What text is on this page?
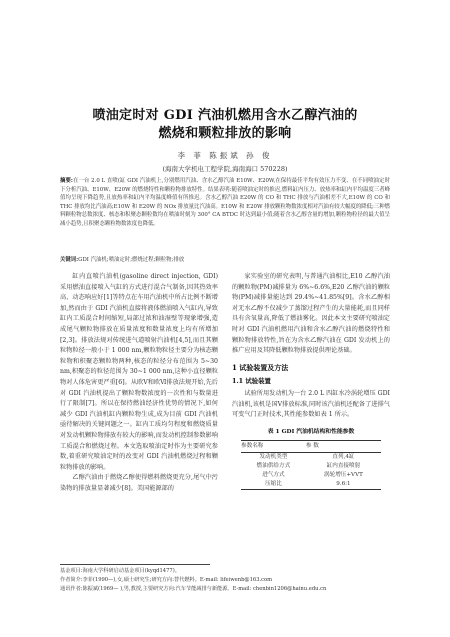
喷油定时对 GDI 汽油机燃用含水乙醇汽油的
燃烧和颗粒排放的影响
李 菲 陈振斌 孙 俊
(海南大学机电工程学院,海南海口 570228)
摘要:在一台 2.0 L 直喷(缸 GDI 汽油机上,分别燃用汽油、含水乙醇汽油 E10W、E20W,在保持最佳平均有效压力不变、在不同喷油定时下分析汽油、E10W、E20W 的燃烧特性和颗粒物排放特性。结果表明:随着喷油定时的推迟,燃料缸内压力、放热率和缸内平均温度三者峰值均呈现下降趋势,且放热率和缸内平均温度峰值有所推迟。含水乙醇汽油 E20W 的 CO 和 THC 排放与汽油相差不大,E10W 的 CO 和 THC 排放均比汽油高;E10W 和 E20W 的 NOx 排放量比汽油高。E10W 和 E20W 排放颗粒物数浓度相对汽油有较大幅度的降低;三种燃料颗粒物总数浓度、核态和积聚态颗粒数均在喷油时刻为 300° CA BTDC 时达到最小值;随着含水乙醇含量的增加,颗粒物粒径的最大值呈减小趋势,且积聚态颗粒物数浓度也降低。
关键词:GDI 汽油机;喷油定时;燃烧过程;颗粒物;排放

缸内直喷汽油机(gasoline direct injection, GDI)采用燃油直接喷入气缸的方式进行混合气制备,因其热效率高、动态响应好[1]等特点在车用汽油机中所占比例不断增加,然而由于 GDI 汽油机直接将液体燃油喷入气缸内,导致缸内工质混合时间缩短,局部过浓和油湿壁等现象增强,造成尾气颗粒物排放在质量浓度和数量浓度上均有所增加[2,3]。排放法规对传统进气道喷射汽油机[4,5],而且其颗粒物粒径一般小于 1 000 nm,颗粒物粒径主要分为核态颗粒物和积聚态颗粒物两种,核态的粒径分布范围为 5~30 nm,积聚态的粒径范围为 30~1 000 nm,这种小直径颗粒物对人体危害更严重[6]。从欧Ⅴ和欧Ⅵ排放法规开始,先后对 GDI 汽油机提出了颗粒物数浓度的一次性和与数量进行了限制[7]。所以在保持燃油经济性优势的情况下,如何减少 GDI 汽油机缸内颗粒物生成,成为目前 GDI 汽油机亟待解决的关键问题之一。缸内工质均匀程度和燃烧质量对发动机颗粒物排放有较大的影响,而发动机控制参数影响工质混合和燃烧过程。本文选取喷油定时作为主要研究参数,着重研究喷油定时的改变对 GDI 汽油机燃烧过程和颗粒物排放的影响。

乙醇汽油由于燃烧乙醇使得燃料燃烧更充分,尾气中污染物的排放量显著减少[8]。美国能源部的

家实验室的研究表明,与普通汽油相比,E10 乙醇汽油的颗粒物(PM)减排量为 6%~6.6%,E20 乙醇汽油的颗粒物(PM)减排量能达到 29.4%~41.85%[9]。含水乙醇相对无水乙醇不仅减少了蒸馏过程产生的大量能耗,而且同样具有含氧量高,降低了燃油雾化。因此本文主要研究喷油定时对 GDI 汽油机燃用汽油和含水乙醇汽油的燃烧特性和颗粒物排放特性,旨在为含水乙醇汽油在 GDI 发动机上的推广应用及其降低颗粒物排放提供理论基础。

1 试验装置及方法
1.1 试验装置

试验所用发动机为一台 2.0 L 四缸水冷涡轮增压 GDI 汽油机,该机是国Ⅴ排放标准,同时该汽油机还配备了进排气可变气门正时技术,其性能参数如表 1 所示。

表 1 GDI 汽油机结构和性能参数
参数名称	参 数
发动机类型	直列,4缸
燃油供给方式	缸内直接喷射
进气方式	涡轮增压+VVT
压缩比	9.6:1
基金项目:海南大学科研启动基金项目(kyqd1477)。
作者简介:李菲(1990—),女,硕士研究生;研究方向:替代燃料。E-mail: lifeiwenb@163.com
通讯作者:陈振斌(1969— ),男,教授,主要研究方向:汽车节能减排与新能源。E-mail: chenbin1206@hainu.edu.cn
